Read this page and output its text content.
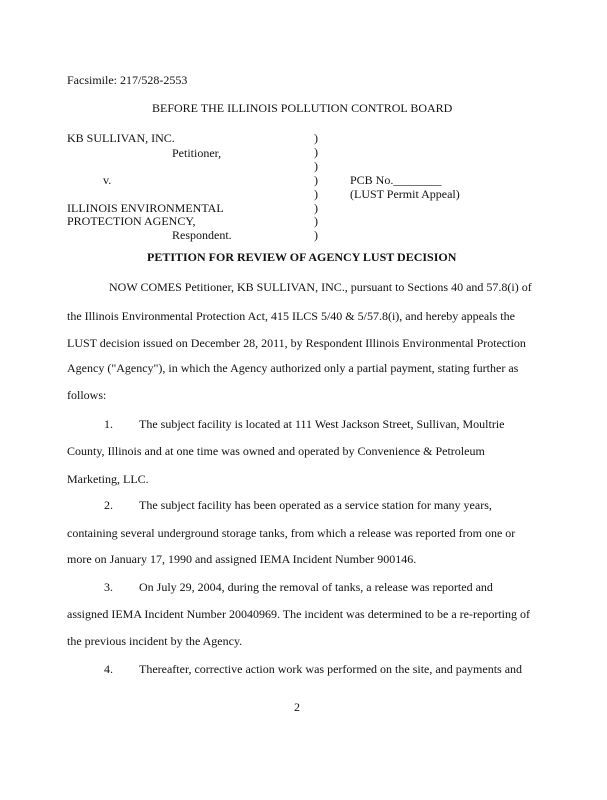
Facsimile: 217/528-2553
BEFORE THE ILLINOIS POLLUTION CONTROL BOARD
KB SULLIVAN, INC.
Petitioner,
v.	PCB No.________
(LUST Permit Appeal)
ILLINOIS ENVIRONMENTAL
PROTECTION AGENCY,
Respondent.
)
)
)
)
)
)
)
)
PETITION FOR REVIEW OF AGENCY LUST DECISION
NOW COMES Petitioner, KB SULLIVAN, INC., pursuant to Sections 40 and 57.8(i) of
the Illinois Environmental Protection Act, 415 ILCS 5/40 & 5/57.8(i), and hereby appeals the
LUST decision issued on December 28, 2011, by Respondent Illinois Environmental Protection
Agency ("Agency"), in which the Agency authorized only a partial payment, stating further as
follows:
1. The subject facility is located at 111 West Jackson Street, Sullivan, Moultrie
County, Illinois and at one time was owned and operated by Convenience & Petroleum
Marketing, LLC.
2. The subject facility has been operated as a service station for many years,
containing several underground storage tanks, from which a release was reported from one or
more on January 17, 1990 and assigned IEMA Incident Number 900146.
3. On July 29, 2004, during the removal of tanks, a release was reported and
assigned IEMA Incident Number 20040969. The incident was determined to be a re-reporting of
the previous incident by the Agency.
4. Thereafter, corrective action work was performed on the site, and payments and
2
